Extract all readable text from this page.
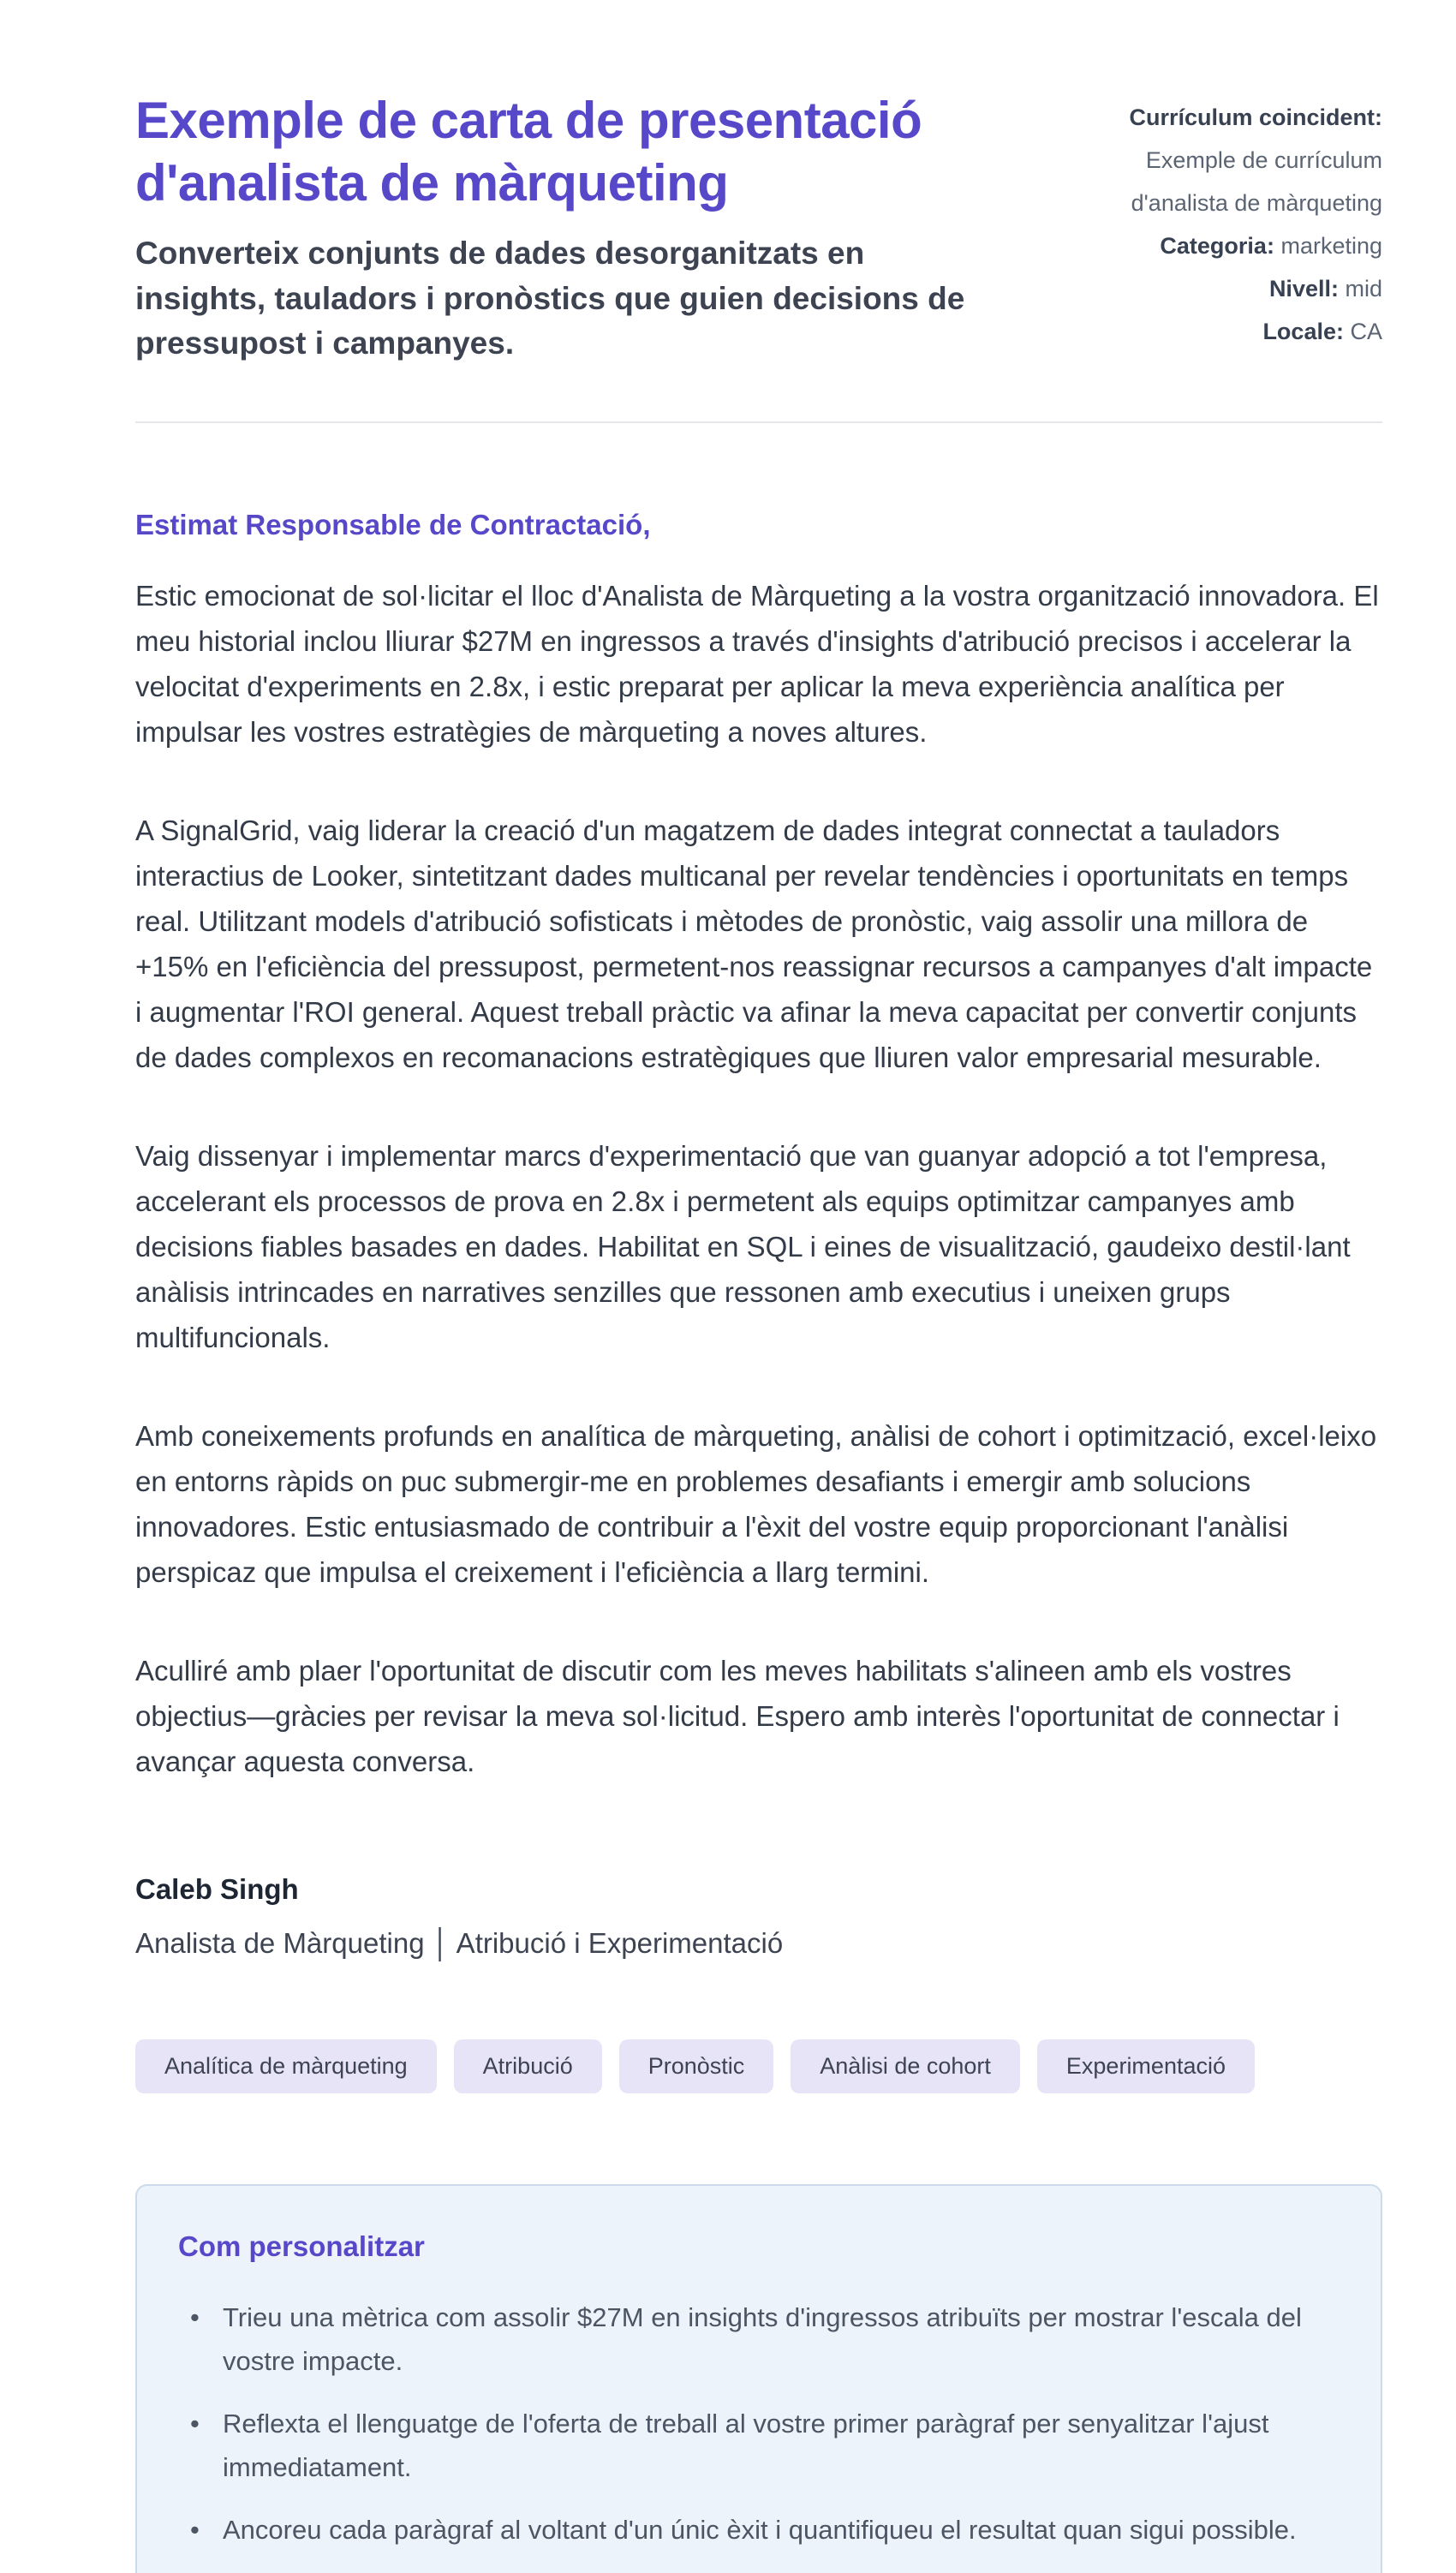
Exemple de carta de presentació d'analista de màrqueting

Converteix conjunts de dades desorganitzats en insights, tauladors i pronòstics que guien decisions de pressupost i campanyes.

Currículum coincident:
Exemple de currículum d'analista de màrqueting
Categoria: marketing
Nivell: mid
Locale: CA

Estimat Responsable de Contractació,

Estic emocionat de sol·licitar el lloc d'Analista de Màrqueting a la vostra organització innovadora. El meu historial inclou lliurar $27M en ingressos a través d'insights d'atribució precisos i accelerar la velocitat d'experiments en 2.8x, i estic preparat per aplicar la meva experiència analítica per impulsar les vostres estratègies de màrqueting a noves altures.

A SignalGrid, vaig liderar la creació d'un magatzem de dades integrat connectat a tauladors interactius de Looker, sintetitzant dades multicanal per revelar tendències i oportunitats en temps real. Utilitzant models d'atribució sofisticats i mètodes de pronòstic, vaig assolir una millora de +15% en l'eficiència del pressupost, permetent-nos reassignar recursos a campanyes d'alt impacte i augmentar l'ROI general. Aquest treball pràctic va afinar la meva capacitat per convertir conjunts de dades complexos en recomanacions estratègiques que lliuren valor empresarial mesurable.

Vaig dissenyar i implementar marcs d'experimentació que van guanyar adopció a tot l'empresa, accelerant els processos de prova en 2.8x i permetent als equips optimitzar campanyes amb decisions fiables basades en dades. Habilitat en SQL i eines de visualització, gaudeixo destil·lant anàlisis intrincades en narratives senzilles que ressonen amb executius i uneixen grups multifuncionals.

Amb coneixements profunds en analítica de màrqueting, anàlisi de cohort i optimització, excel·leixo en entorns ràpids on puc submergir-me en problemes desafiants i emergir amb solucions innovadores. Estic entusiasmado de contribuir a l'èxit del vostre equip proporcionant l'anàlisi perspicaz que impulsa el creixement i l'eficiència a llarg termini.

Aculliré amb plaer l'oportunitat de discutir com les meves habilitats s'alineen amb els vostres objectius—gràcies per revisar la meva sol·licitud. Espero amb interès l'oportunitat de connectar i avançar aquesta conversa.

Caleb Singh

Analista de Màrqueting │ Atribució i Experimentació

Analítica de màrqueting	Atribució	Pronòstic	Anàlisi de cohort	Experimentació
Com personalitzar
• Trieu una mètrica com assolir $27M en insights d'ingressos atribuïts per mostrar l'escala del vostre impacte.
• Reflexta el llenguatge de l'oferta de treball al vostre primer paràgraf per senyalitzar l'ajust immediatament.
• Ancoreu cada paràgraf al voltant d'un únic èxit i quantifiqueu el resultat quan sigui possible.
